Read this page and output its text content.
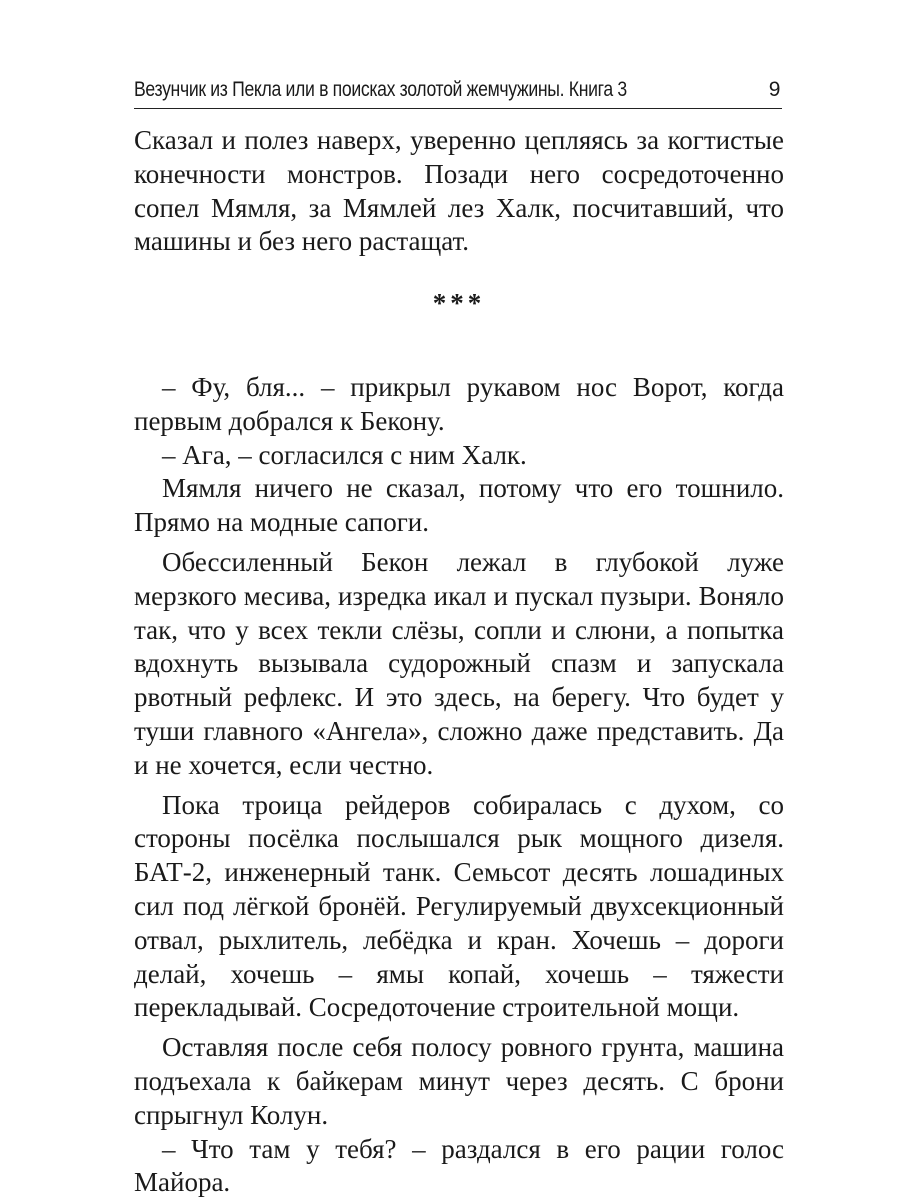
Везунчик из Пекла или в поисках золотой жемчужины. Книга 3	9

Сказал и полез наверх, уверенно цепляясь за когтистые конечности монстров. Позади него сосредоточенно сопел Мямля, за Мямлей лез Халк, посчитавший, что машины и без него растащат.

***

– Фу, бля... – прикрыл рукавом нос Ворот, когда первым добрался к Бекону.

– Ага, – согласился с ним Халк.

Мямля ничего не сказал, потому что его тошнило. Прямо на модные сапоги.

Обессиленный Бекон лежал в глубокой луже мерзкого месива, изредка икал и пускал пузыри. Воняло так, что у всех текли слёзы, сопли и слюни, а попытка вдохнуть вызывала судорожный спазм и запускала рвотный рефлекс. И это здесь, на берегу. Что будет у туши главного «Ангела», сложно даже представить. Да и не хочется, если честно.

Пока троица рейдеров собиралась с духом, со стороны посёлка послышался рык мощного дизеля. БАТ-2, инженерный танк. Семьсот десять лошадиных сил под лёгкой бронёй. Регулируемый двухсекционный отвал, рыхлитель, лебёдка и кран. Хочешь – дороги делай, хочешь – ямы копай, хочешь – тяжести перекладывай. Сосредоточение строительной мощи.

Оставляя после себя полосу ровного грунта, машина подъехала к байкерам минут через десять. С брони спрыгнул Колун.

– Что там у тебя? – раздался в его рации голос Майора.
